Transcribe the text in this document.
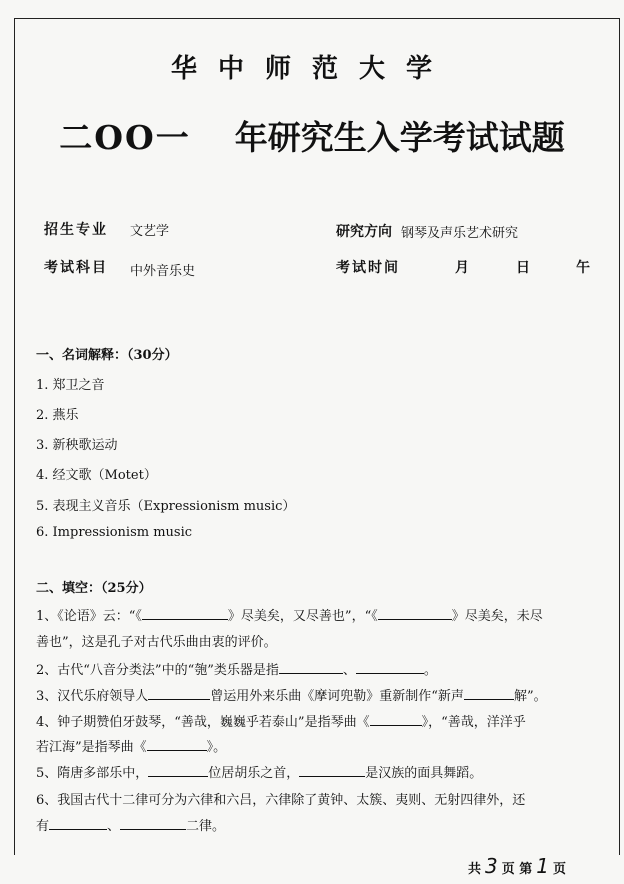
华中师范大学
二OO一 年研究生入学考试试题
招生专业 文艺学	研究方向 钢琴及声乐艺术研究
考试科目 中外音乐史	考试时间	月	日	午
一、名词解释：（30分）
1. 郑卫之音
2. 燕乐
3. 新秧歌运动
4. 经文歌（Motet）
5. 表现主义音乐（Expressionism music）
6. Impressionism music
二、填空：（25分）
1、《论语》云：“《	》尽美矣，又尽善也”，“《	》尽美矣，未尽
善也”，这是孔子对古代乐曲由衷的评价。
2、古代“八音分类法”中的“匏”类乐器是指	、	。
3、汉代乐府领导人	曾运用外来乐曲《摩诃兜勒》重新制作“新声	解”。
4、钟子期赞伯牙鼓琴，“善哉，巍巍乎若泰山”是指琴曲《	》，“善哉，洋洋乎
若江海”是指琴曲《	》。
5、隋唐多部乐中，	位居胡乐之首，	是汉族的面具舞蹈。
6、我国古代十二律可分为六律和六吕，六律除了黄钟、太簇、夷则、无射四律外，还
有	、	二律。
共 3 页 第 1 页
